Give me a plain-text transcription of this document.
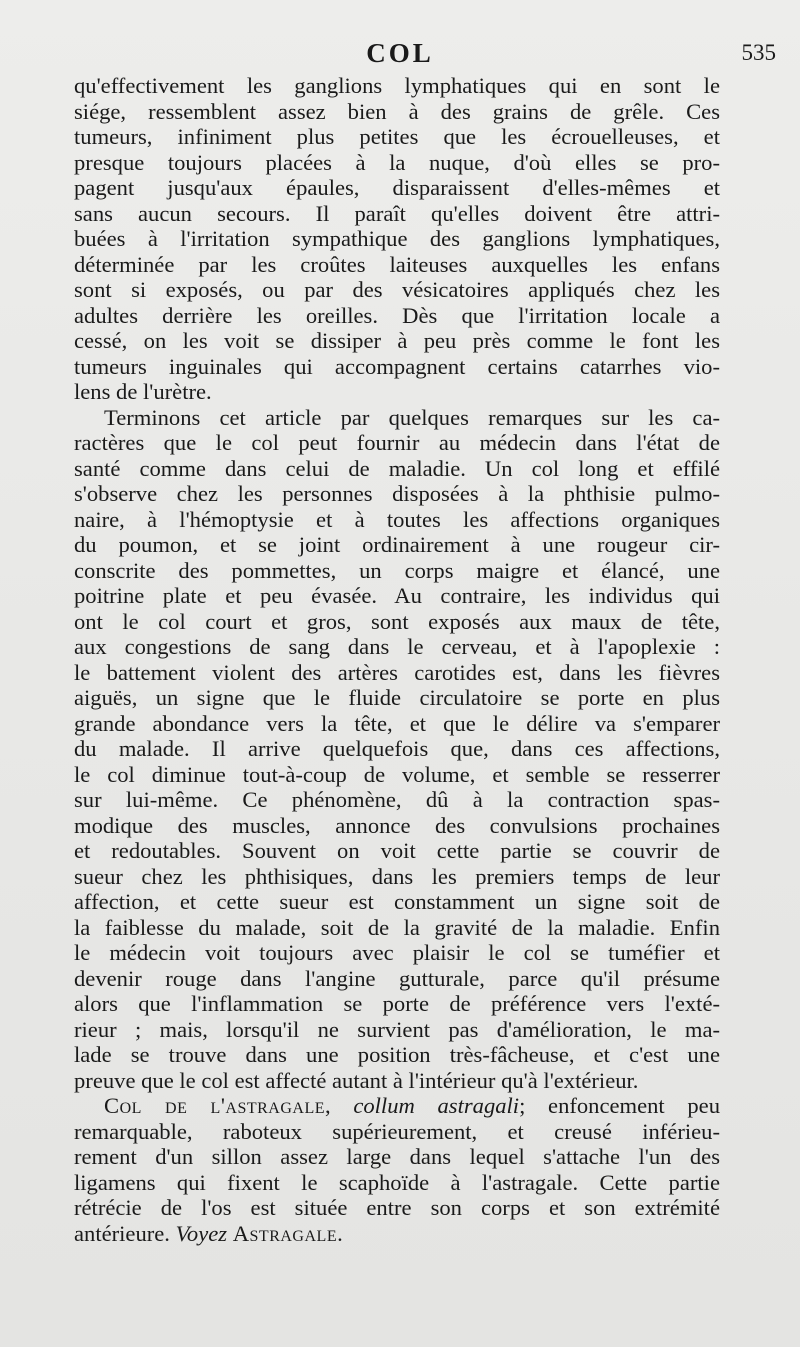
COL	535
qu'effectivement les ganglions lymphatiques qui en sont le
siége, ressemblent assez bien à des grains de grêle. Ces
tumeurs, infiniment plus petites que les écrouelleuses, et
presque toujours placées à la nuque, d'où elles se pro-
pagent jusqu'aux épaules, disparaissent d'elles-mêmes et
sans aucun secours. Il paraît qu'elles doivent être attri-
buées à l'irritation sympathique des ganglions lymphatiques,
déterminée par les croûtes laiteuses auxquelles les enfans
sont si exposés, ou par des vésicatoires appliqués chez les
adultes derrière les oreilles. Dès que l'irritation locale a
cessé, on les voit se dissiper à peu près comme le font les
tumeurs inguinales qui accompagnent certains catarrhes vio-
lens de l'urètre.
Terminons cet article par quelques remarques sur les ca-
ractères que le col peut fournir au médecin dans l'état de
santé comme dans celui de maladie. Un col long et effilé
s'observe chez les personnes disposées à la phthisie pulmo-
naire, à l'hémoptysie et à toutes les affections organiques
du poumon, et se joint ordinairement à une rougeur cir-
conscrite des pommettes, un corps maigre et élancé, une
poitrine plate et peu évasée. Au contraire, les individus qui
ont le col court et gros, sont exposés aux maux de tête,
aux congestions de sang dans le cerveau, et à l'apoplexie :
le battement violent des artères carotides est, dans les fièvres
aiguës, un signe que le fluide circulatoire se porte en plus
grande abondance vers la tête, et que le délire va s'emparer
du malade. Il arrive quelquefois que, dans ces affections,
le col diminue tout-à-coup de volume, et semble se resserrer
sur lui-même. Ce phénomène, dû à la contraction spas-
modique des muscles, annonce des convulsions prochaines
et redoutables. Souvent on voit cette partie se couvrir de
sueur chez les phthisiques, dans les premiers temps de leur
affection, et cette sueur est constamment un signe soit de
la faiblesse du malade, soit de la gravité de la maladie. Enfin
le médecin voit toujours avec plaisir le col se tuméfier et
devenir rouge dans l'angine gutturale, parce qu'il présume
alors que l'inflammation se porte de préférence vers l'exté-
rieur ; mais, lorsqu'il ne survient pas d'amélioration, le ma-
lade se trouve dans une position très-fâcheuse, et c'est une
preuve que le col est affecté autant à l'intérieur qu'à l'extérieur.
Col de l'astragale, collum astragali; enfoncement peu
remarquable, raboteux supérieurement, et creusé inférieu-
rement d'un sillon assez large dans lequel s'attache l'un des
ligamens qui fixent le scaphoïde à l'astragale. Cette partie
rétrécie de l'os est située entre son corps et son extrémité
antérieure. Voyez Astragale.
